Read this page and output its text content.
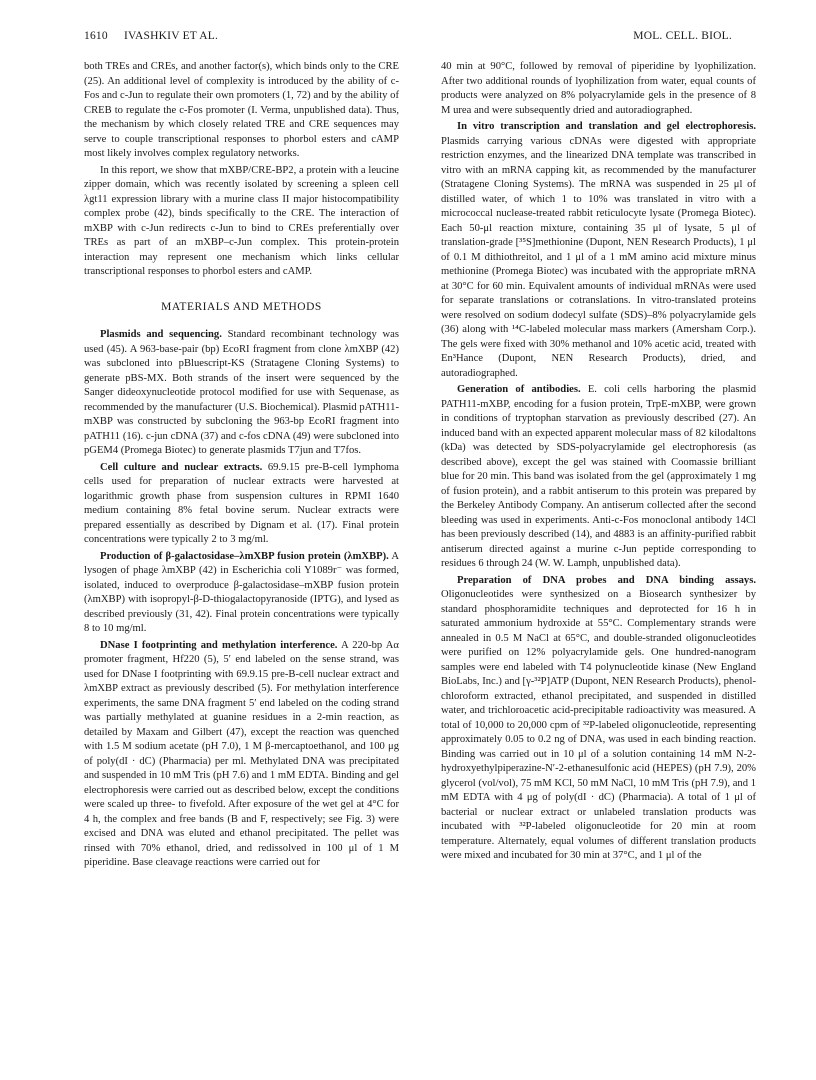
1610 IVASHKIV ET AL.	MOL. CELL. BIOL.

both TREs and CREs, and another factor(s), which binds only to the CRE (25). An additional level of complexity is introduced by the ability of c-Fos and c-Jun to regulate their own promoters (1, 72) and by the ability of CREB to regulate the c-Fos promoter (I. Verma, unpublished data). Thus, the mechanism by which closely related TRE and CRE sequences may serve to couple transcriptional responses to phorbol esters and cAMP most likely involves complex regulatory networks.

In this report, we show that mXBP/CRE-BP2, a protein with a leucine zipper domain, which was recently isolated by screening a spleen cell λgt11 expression library with a murine class II major histocompatibility complex probe (42), binds specifically to the CRE. The interaction of mXBP with c-Jun redirects c-Jun to bind to CREs preferentially over TREs as part of an mXBP–c-Jun complex. This protein-protein interaction may represent one mechanism which links cellular transcriptional responses to phorbol esters and cAMP.

MATERIALS AND METHODS

Plasmids and sequencing. Standard recombinant technology was used (45). A 963-base-pair (bp) EcoRI fragment from clone λmXBP (42) was subcloned into pBluescript-KS (Stratagene Cloning Systems) to generate pBS-MX. Both strands of the insert were sequenced by the Sanger dideoxynucleotide protocol modified for use with Sequenase, as recommended by the manufacturer (U.S. Biochemical). Plasmid pATH11-mXBP was constructed by subcloning the 963-bp EcoRI fragment into pATH11 (16). c-jun cDNA (37) and c-fos cDNA (49) were subcloned into pGEM4 (Promega Biotec) to generate plasmids T7jun and T7fos.

Cell culture and nuclear extracts. 69.9.15 pre-B-cell lymphoma cells used for preparation of nuclear extracts were harvested at logarithmic growth phase from suspension cultures in RPMI 1640 medium containing 8% fetal bovine serum. Nuclear extracts were prepared essentially as described by Dignam et al. (17). Final protein concentrations were typically 2 to 3 mg/ml.

Production of β-galactosidase–λmXBP fusion protein (λmXBP). A lysogen of phage λmXBP (42) in Escherichia coli Y1089r⁻ was formed, isolated, induced to overproduce β-galactosidase–mXBP fusion protein (λmXBP) with isopropyl-β-D-thiogalactopyranoside (IPTG), and lysed as described previously (31, 42). Final protein concentrations were typically 8 to 10 mg/ml.

DNase I footprinting and methylation interference. A 220-bp Aα promoter fragment, Hf220 (5), 5′ end labeled on the sense strand, was used for DNase I footprinting with 69.9.15 pre-B-cell nuclear extract and λmXBP extract as previously described (5). For methylation interference experiments, the same DNA fragment 5′ end labeled on the coding strand was partially methylated at guanine residues in a 2-min reaction, as detailed by Maxam and Gilbert (47), except the reaction was quenched with 1.5 M sodium acetate (pH 7.0), 1 M β-mercaptoethanol, and 100 μg of poly(dI · dC) (Pharmacia) per ml. Methylated DNA was precipitated and suspended in 10 mM Tris (pH 7.6) and 1 mM EDTA. Binding and gel electrophoresis were carried out as described below, except the conditions were scaled up three- to fivefold. After exposure of the wet gel at 4°C for 4 h, the complex and free bands (B and F, respectively; see Fig. 3) were excised and DNA was eluted and ethanol precipitated. The pellet was rinsed with 70% ethanol, dried, and redissolved in 100 μl of 1 M piperidine. Base cleavage reactions were carried out for

40 min at 90°C, followed by removal of piperidine by lyophilization. After two additional rounds of lyophilization from water, equal counts of products were analyzed on 8% polyacrylamide gels in the presence of 8 M urea and were subsequently dried and autoradiographed.

In vitro transcription and translation and gel electrophoresis. Plasmids carrying various cDNAs were digested with appropriate restriction enzymes, and the linearized DNA template was transcribed in vitro with an mRNA capping kit, as recommended by the manufacturer (Stratagene Cloning Systems). The mRNA was suspended in 25 μl of distilled water, of which 1 to 10% was translated in vitro with a micrococcal nuclease-treated rabbit reticulocyte lysate (Promega Biotec). Each 50-μl reaction mixture, containing 35 μl of lysate, 5 μl of translation-grade [³⁵S]methionine (Dupont, NEN Research Products), 1 μl of 0.1 M dithiothreitol, and 1 μl of a 1 mM amino acid mixture minus methionine (Promega Biotec) was incubated with the appropriate mRNA at 30°C for 60 min. Equivalent amounts of individual mRNAs were used for separate translations or cotranslations. In vitro-translated proteins were resolved on sodium dodecyl sulfate (SDS)–8% polyacrylamide gels (36) along with ¹⁴C-labeled molecular mass markers (Amersham Corp.). The gels were fixed with 30% methanol and 10% acetic acid, treated with En³Hance (Dupont, NEN Research Products), dried, and autoradiographed.

Generation of antibodies. E. coli cells harboring the plasmid PATH11-mXBP, encoding for a fusion protein, TrpE-mXBP, were grown in conditions of tryptophan starvation as previously described (27). An induced band with an expected apparent molecular mass of 82 kilodaltons (kDa) was detected by SDS-polyacrylamide gel electrophoresis (as described above), except the gel was stained with Coomassie brilliant blue for 20 min. This band was isolated from the gel (approximately 1 mg of fusion protein), and a rabbit antiserum to this protein was prepared by the Berkeley Antibody Company. An antiserum collected after the second bleeding was used in experiments. Anti-c-Fos monoclonal antibody 14Cl has been previously described (14), and 4883 is an affinity-purified rabbit antiserum directed against a murine c-Jun peptide corresponding to residues 6 through 24 (W. W. Lamph, unpublished data).

Preparation of DNA probes and DNA binding assays. Oligonucleotides were synthesized on a Biosearch synthesizer by standard phosphoramidite techniques and deprotected for 16 h in saturated ammonium hydroxide at 55°C. Complementary strands were annealed in 0.5 M NaCl at 65°C, and double-stranded oligonucleotides were purified on 12% polyacrylamide gels. One hundred-nanogram samples were end labeled with T4 polynucleotide kinase (New England BioLabs, Inc.) and [γ-³²P]ATP (Dupont, NEN Research Products), phenol-chloroform extracted, ethanol precipitated, and suspended in distilled water, and trichloroacetic acid-precipitable radioactivity was measured. A total of 10,000 to 20,000 cpm of ³²P-labeled oligonucleotide, representing approximately 0.05 to 0.2 ng of DNA, was used in each binding reaction. Binding was carried out in 10 μl of a solution containing 14 mM N-2-hydroxyethylpiperazine-N′-2-ethanesulfonic acid (HEPES) (pH 7.9), 20% glycerol (vol/vol), 75 mM KCl, 50 mM NaCl, 10 mM Tris (pH 7.9), and 1 mM EDTA with 4 μg of poly(dI · dC) (Pharmacia). A total of 1 μl of bacterial or nuclear extract or unlabeled translation products was incubated with ³²P-labeled oligonucleotide for 20 min at room temperature. Alternately, equal volumes of different translation products were mixed and incubated for 30 min at 37°C, and 1 μl of the
